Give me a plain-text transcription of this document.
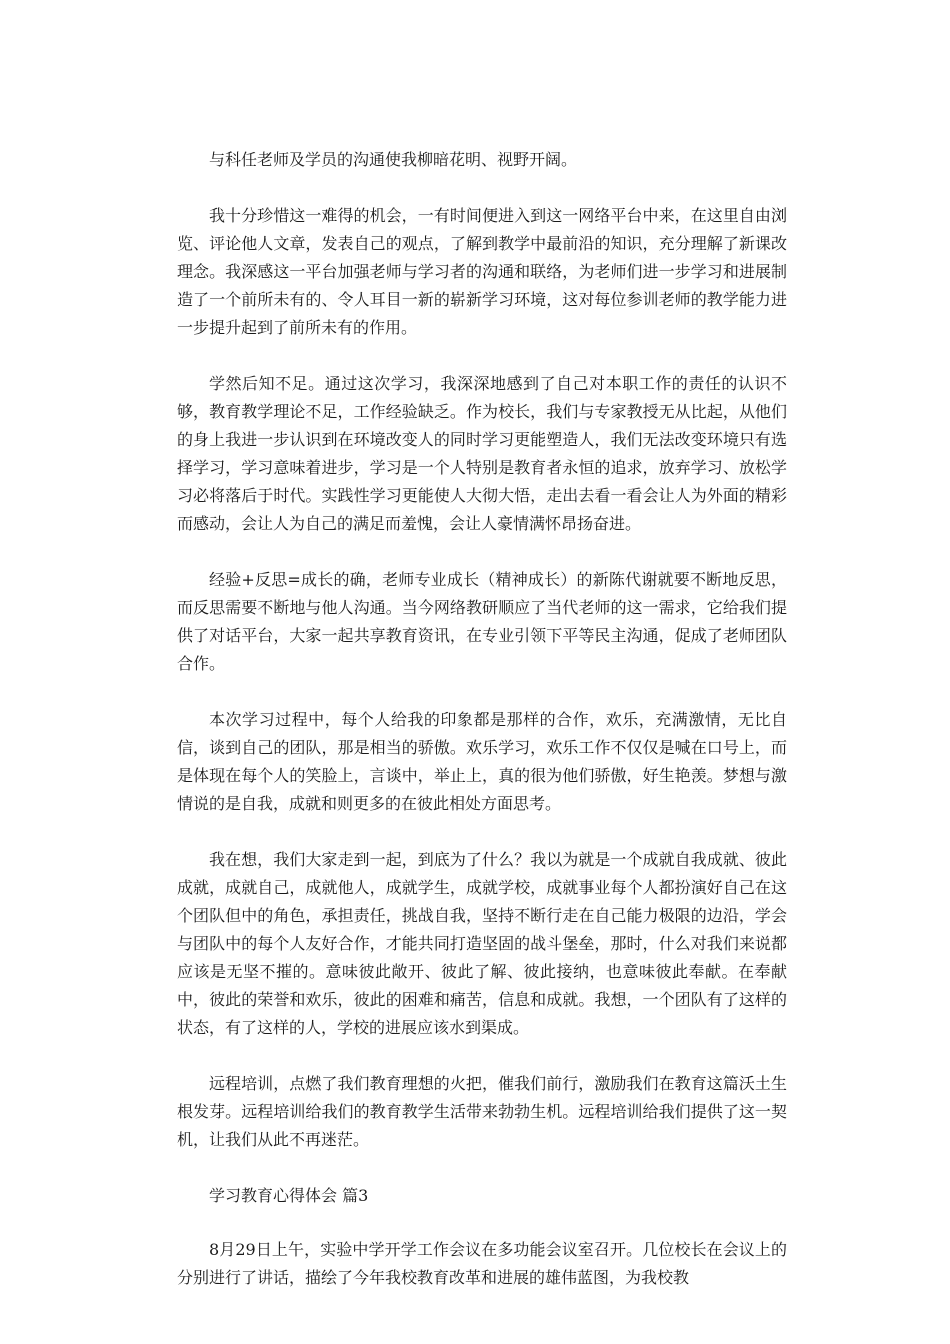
与科任老师及学员的沟通使我柳暗花明、视野开阔。

我十分珍惜这一难得的机会，一有时间便进入到这一网络平台中来，在这里自由浏览、评论他人文章，发表自己的观点，了解到教学中最前沿的知识，充分理解了新课改理念。我深感这一平台加强老师与学习者的沟通和联络，为老师们进一步学习和进展制造了一个前所未有的、令人耳目一新的崭新学习环境，这对每位参训老师的教学能力进一步提升起到了前所未有的作用。

学然后知不足。通过这次学习，我深深地感到了自己对本职工作的责任的认识不够，教育教学理论不足，工作经验缺乏。作为校长，我们与专家教授无从比起，从他们的身上我进一步认识到在环境改变人的同时学习更能塑造人，我们无法改变环境只有选择学习，学习意味着进步，学习是一个人特别是教育者永恒的追求，放弃学习、放松学习必将落后于时代。实践性学习更能使人大彻大悟，走出去看一看会让人为外面的精彩而感动，会让人为自己的满足而羞愧，会让人豪情满怀昂扬奋进。

经验+反思=成长的确，老师专业成长（精神成长）的新陈代谢就要不断地反思，而反思需要不断地与他人沟通。当今网络教研顺应了当代老师的这一需求，它给我们提供了对话平台，大家一起共享教育资讯，在专业引领下平等民主沟通，促成了老师团队合作。

本次学习过程中，每个人给我的印象都是那样的合作，欢乐，充满激情，无比自信，谈到自己的团队，那是相当的骄傲。欢乐学习，欢乐工作不仅仅是喊在口号上，而是体现在每个人的笑脸上，言谈中，举止上，真的很为他们骄傲，好生艳羡。梦想与激情说的是自我，成就和则更多的在彼此相处方面思考。

我在想，我们大家走到一起，到底为了什么？我以为就是一个成就自我成就、彼此成就，成就自己，成就他人，成就学生，成就学校，成就事业每个人都扮演好自己在这个团队但中的角色，承担责任，挑战自我，坚持不断行走在自己能力极限的边沿，学会与团队中的每个人友好合作，才能共同打造坚固的战斗堡垒，那时，什么对我们来说都应该是无坚不摧的。意味彼此敞开、彼此了解、彼此接纳，也意味彼此奉献。在奉献中，彼此的荣誉和欢乐，彼此的困难和痛苦，信息和成就。我想，一个团队有了这样的状态，有了这样的人，学校的进展应该水到渠成。

远程培训，点燃了我们教育理想的火把，催我们前行，激励我们在教育这篇沃土生根发芽。远程培训给我们的教育教学生活带来勃勃生机。远程培训给我们提供了这一契机，让我们从此不再迷茫。

学习教育心得体会 篇3

8月29日上午，实验中学开学工作会议在多功能会议室召开。几位校长在会议上的分别进行了讲话，描绘了今年我校教育改革和进展的雄伟蓝图，为我校教
